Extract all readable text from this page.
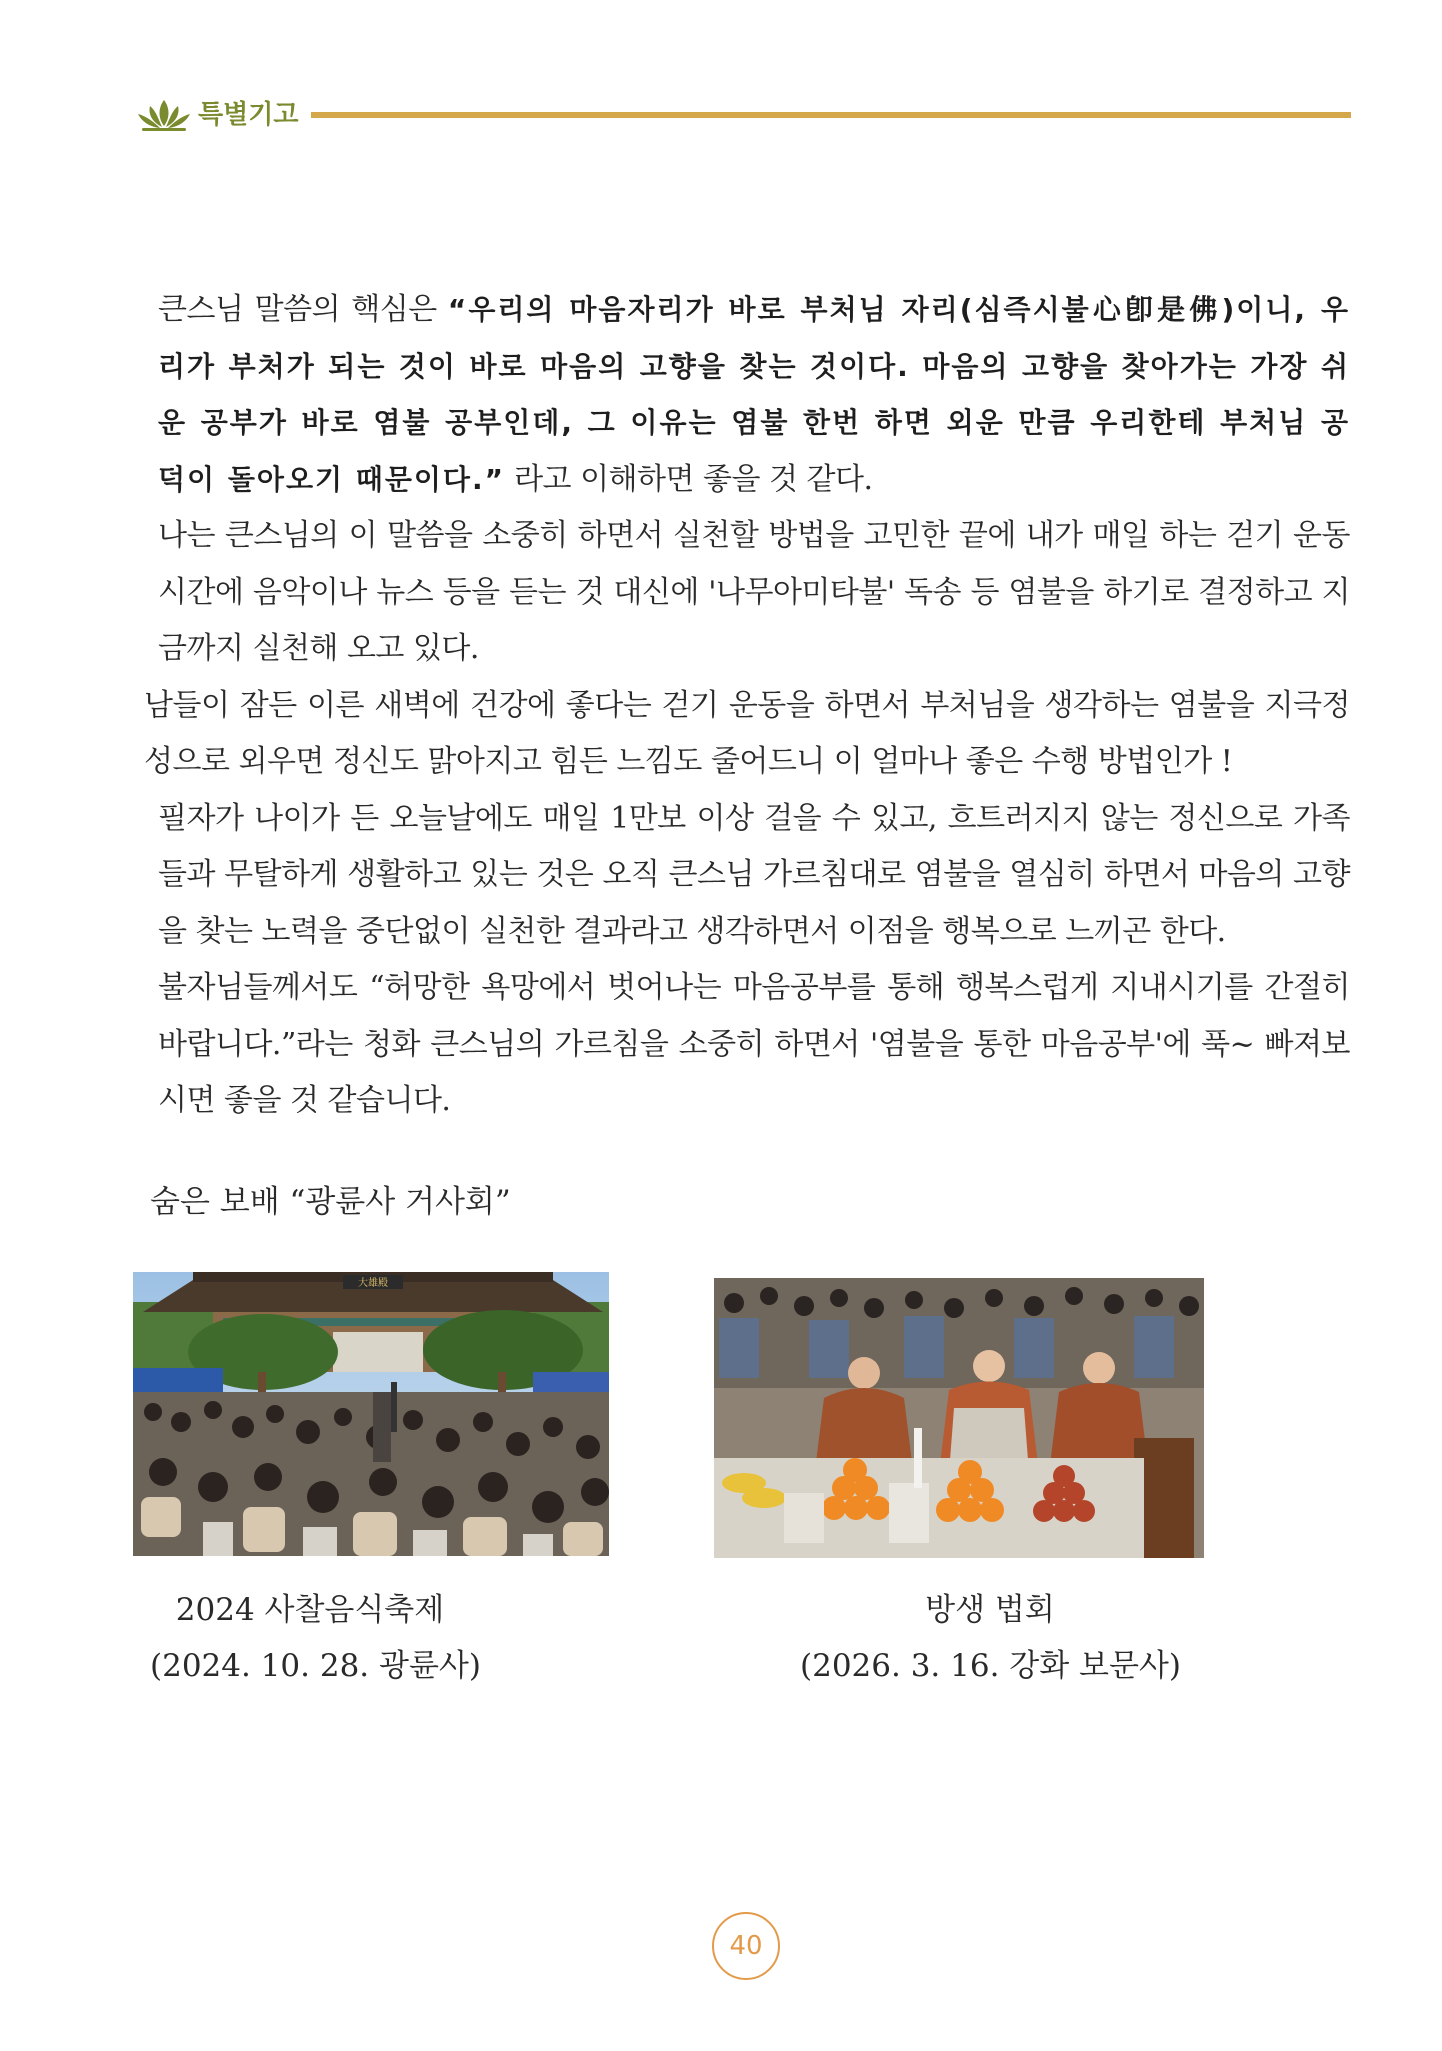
특별기고

큰스님 말씀의 핵심은 “우리의 마음자리가 바로 부처님 자리(심즉시불心卽是佛)이니, 우리가 부처가 되는 것이 바로 마음의 고향을 찾는 것이다. 마음의 고향을 찾아가는 가장 쉬운 공부가 바로 염불 공부인데, 그 이유는 염불 한번 하면 외운 만큼 우리한테 부처님 공덕이 돌아오기 때문이다.” 라고 이해하면 좋을 것 같다.

나는 큰스님의 이 말씀을 소중히 하면서 실천할 방법을 고민한 끝에 내가 매일 하는 걷기 운동 시간에 음악이나 뉴스 등을 듣는 것 대신에 '나무아미타불' 독송 등 염불을 하기로 결정하고 지금까지 실천해 오고 있다.

남들이 잠든 이른 새벽에 건강에 좋다는 걷기 운동을 하면서 부처님을 생각하는 염불을 지극정성으로 외우면 정신도 맑아지고 힘든 느낌도 줄어드니 이 얼마나 좋은 수행 방법인가 !

필자가 나이가 든 오늘날에도 매일 1만보 이상 걸을 수 있고, 흐트러지지 않는 정신으로 가족들과 무탈하게 생활하고 있는 것은 오직 큰스님 가르침대로 염불을 열심히 하면서 마음의 고향을 찾는 노력을 중단없이 실천한 결과라고 생각하면서 이점을 행복으로 느끼곤 한다.

불자님들께서도 “허망한 욕망에서 벗어나는 마음공부를 통해 행복스럽게 지내시기를 간절히 바랍니다.”라는 청화 큰스님의 가르침을 소중히 하면서 '염불을 통한 마음공부'에 푹~ 빠져보시면 좋을 것 같습니다.

숨은 보배 “광륜사 거사회”
大雄殿
2024 사찰음식축제
(2024. 10. 28. 광륜사)
방생 법회
(2026. 3. 16. 강화 보문사)
40
